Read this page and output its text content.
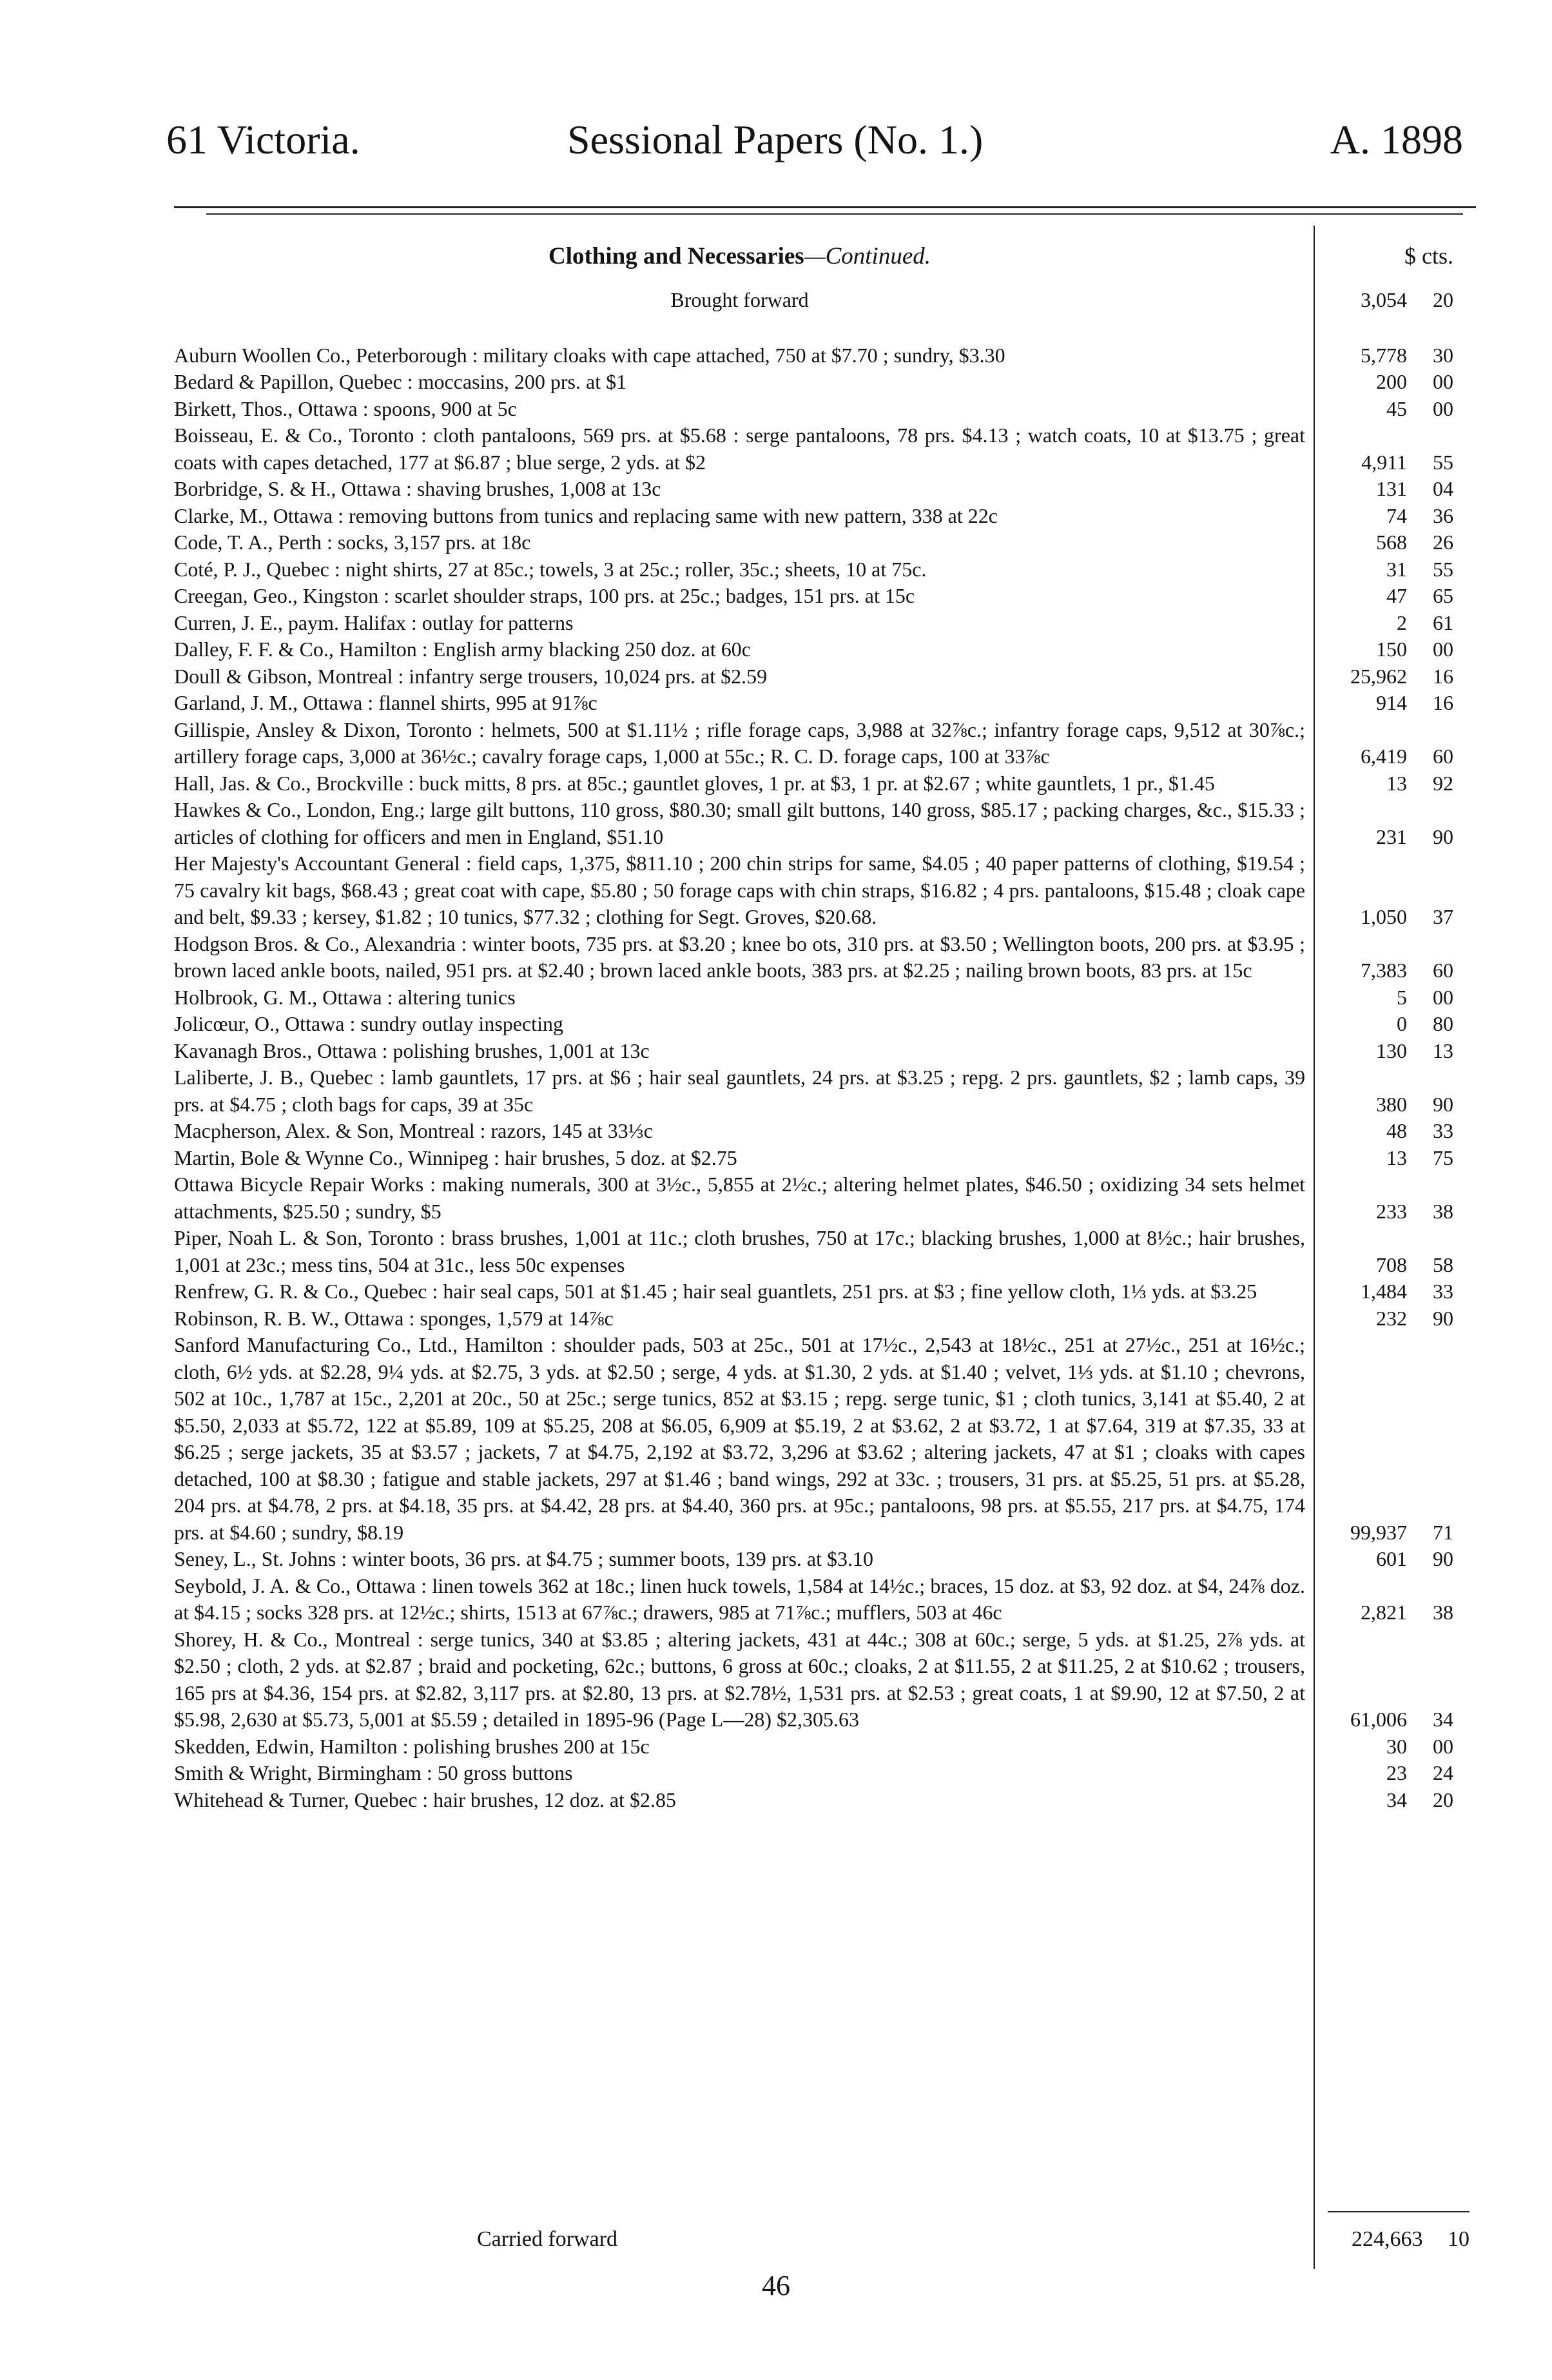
61 Victoria.	Sessional Papers (No. 1.)	A. 1898
Clothing and Necessaries—Continued.	$ cts.
Brought forward	3,054 20
Auburn Woollen Co., Peterborough : military cloaks with cape attached, 750 at $7.70 ; sundry, $3.30	5,778 30
Bedard & Papillon, Quebec : moccasins, 200 prs. at $1	200 00
Birkett, Thos., Ottawa : spoons, 900 at 5c	45 00
Boisseau, E. & Co., Toronto : cloth pantaloons, 569 prs. at $5.68 : serge pantaloons, 78 prs. $4.13 ; watch coats, 10 at $13.75 ; great coats with capes detached, 177 at $6.87 ; blue serge, 2 yds. at $2	4,911 55
Borbridge, S. & H., Ottawa : shaving brushes, 1,008 at 13c	131 04
Clarke, M., Ottawa : removing buttons from tunics and replacing same with new pattern, 338 at 22c	74 36
Code, T. A., Perth : socks, 3,157 prs. at 18c	568 26
Coté, P. J., Quebec : night shirts, 27 at 85c.; towels, 3 at 25c.; roller, 35c.; sheets, 10 at 75c.	31 55
Creegan, Geo., Kingston : scarlet shoulder straps, 100 prs. at 25c.; badges, 151 prs. at 15c	47 65
Curren, J. E., paym. Halifax : outlay for patterns	2 61
Dalley, F. F. & Co., Hamilton : English army blacking 250 doz. at 60c	150 00
Doull & Gibson, Montreal : infantry serge trousers, 10,024 prs. at $2.59	25,962 16
Garland, J. M., Ottawa : flannel shirts, 995 at 91⅞c	914 16
Gillispie, Ansley & Dixon, Toronto : helmets, 500 at $1.11½ ; rifle forage caps, 3,988 at 32⅞c.; infantry forage caps, 9,512 at 30⅞c.; artillery forage caps, 3,000 at 36½c.; cavalry forage caps, 1,000 at 55c.; R. C. D. forage caps, 100 at 33⅞c	6,419 60
Hall, Jas. & Co., Brockville : buck mitts, 8 prs. at 85c.; gauntlet gloves, 1 pr. at $3, 1 pr. at $2.67 ; white gauntlets, 1 pr., $1.45	13 92
Hawkes & Co., London, Eng.; large gilt buttons, 110 gross, $80.30; small gilt buttons, 140 gross, $85.17 ; packing charges, &c., $15.33 ; articles of clothing for officers and men in England, $51.10	231 90
Her Majesty's Accountant General : field caps, 1,375, $811.10 ; 200 chin strips for same, $4.05 ; 40 paper patterns of clothing, $19.54 ; 75 cavalry kit bags, $68.43 ; great coat with cape, $5.80 ; 50 forage caps with chin straps, $16.82 ; 4 prs. pantaloons, $15.48 ; cloak cape and belt, $9.33 ; kersey, $1.82 ; 10 tunics, $77.32 ; clothing for Segt. Groves, $20.68.	1,050 37
Hodgson Bros. & Co., Alexandria : winter boots, 735 prs. at $3.20 ; knee bo ots, 310 prs. at $3.50 ; Wellington boots, 200 prs. at $3.95 ; brown laced ankle boots, nailed, 951 prs. at $2.40 ; brown laced ankle boots, 383 prs. at $2.25 ; nailing brown boots, 83 prs. at 15c	7,383 60
Holbrook, G. M., Ottawa : altering tunics	5 00
Jolicœur, O., Ottawa : sundry outlay inspecting	0 80
Kavanagh Bros., Ottawa : polishing brushes, 1,001 at 13c	130 13
Laliberte, J. B., Quebec : lamb gauntlets, 17 prs. at $6 ; hair seal gauntlets, 24 prs. at $3.25 ; repg. 2 prs. gauntlets, $2 ; lamb caps, 39 prs. at $4.75 ; cloth bags for caps, 39 at 35c	380 90
Macpherson, Alex. & Son, Montreal : razors, 145 at 33⅓c	48 33
Martin, Bole & Wynne Co., Winnipeg : hair brushes, 5 doz. at $2.75	13 75
Ottawa Bicycle Repair Works : making numerals, 300 at 3½c., 5,855 at 2½c.; altering helmet plates, $46.50 ; oxidizing 34 sets helmet attachments, $25.50 ; sundry, $5	233 38
Piper, Noah L. & Son, Toronto : brass brushes, 1,001 at 11c.; cloth brushes, 750 at 17c.; blacking brushes, 1,000 at 8½c.; hair brushes, 1,001 at 23c.; mess tins, 504 at 31c., less 50c expenses	708 58
Renfrew, G. R. & Co., Quebec : hair seal caps, 501 at $1.45 ; hair seal guantlets, 251 prs. at $3 ; fine yellow cloth, 1⅓ yds. at $3.25	1,484 33
Robinson, R. B. W., Ottawa : sponges, 1,579 at 14⅞c	232 90
Sanford Manufacturing Co., Ltd., Hamilton : shoulder pads, 503 at 25c., 501 at 17½c., 2,543 at 18½c., 251 at 27½c., 251 at 16½c.; cloth, 6½ yds. at $2.28, 9¼ yds. at $2.75, 3 yds. at $2.50 ; serge, 4 yds. at $1.30, 2 yds. at $1.40 ; velvet, 1⅓ yds. at $1.10 ; chevrons, 502 at 10c., 1,787 at 15c., 2,201 at 20c., 50 at 25c.; serge tunics, 852 at $3.15 ; repg. serge tunic, $1 ; cloth tunics, 3,141 at $5.40, 2 at $5.50, 2,033 at $5.72, 122 at $5.89, 109 at $5.25, 208 at $6.05, 6,909 at $5.19, 2 at $3.62, 2 at $3.72, 1 at $7.64, 319 at $7.35, 33 at $6.25 ; serge jackets, 35 at $3.57 ; jackets, 7 at $4.75, 2,192 at $3.72, 3,296 at $3.62 ; altering jackets, 47 at $1 ; cloaks with capes detached, 100 at $8.30 ; fatigue and stable jackets, 297 at $1.46 ; band wings, 292 at 33c. ; trousers, 31 prs. at $5.25, 51 prs. at $5.28, 204 prs. at $4.78, 2 prs. at $4.18, 35 prs. at $4.42, 28 prs. at $4.40, 360 prs. at 95c.; pantaloons, 98 prs. at $5.55, 217 prs. at $4.75, 174 prs. at $4.60 ; sundry, $8.19	99,937 71
Seney, L., St. Johns : winter boots, 36 prs. at $4.75 ; summer boots, 139 prs. at $3.10	601 90
Seybold, J. A. & Co., Ottawa : linen towels 362 at 18c.; linen huck towels, 1,584 at 14½c.; braces, 15 doz. at $3, 92 doz. at $4, 24⅞ doz. at $4.15 ; socks 328 prs. at 12½c.; shirts, 1513 at 67⅞c.; drawers, 985 at 71⅞c.; mufflers, 503 at 46c	2,821 38
Shorey, H. & Co., Montreal : serge tunics, 340 at $3.85 ; altering jackets, 431 at 44c.; 308 at 60c.; serge, 5 yds. at $1.25, 2⅞ yds. at $2.50 ; cloth, 2 yds. at $2.87 ; braid and pocketing, 62c.; buttons, 6 gross at 60c.; cloaks, 2 at $11.55, 2 at $11.25, 2 at $10.62 ; trousers, 165 prs at $4.36, 154 prs. at $2.82, 3,117 prs. at $2.80, 13 prs. at $2.78½, 1,531 prs. at $2.53 ; great coats, 1 at $9.90, 12 at $7.50, 2 at $5.98, 2,630 at $5.73, 5,001 at $5.59 ; detailed in 1895-96 (Page L—28) $2,305.63	61,006 34
Skedden, Edwin, Hamilton : polishing brushes 200 at 15c	30 00
Smith & Wright, Birmingham : 50 gross buttons	23 24
Whitehead & Turner, Quebec : hair brushes, 12 doz. at $2.85	34 20
Carried forward	224,663 10
46
